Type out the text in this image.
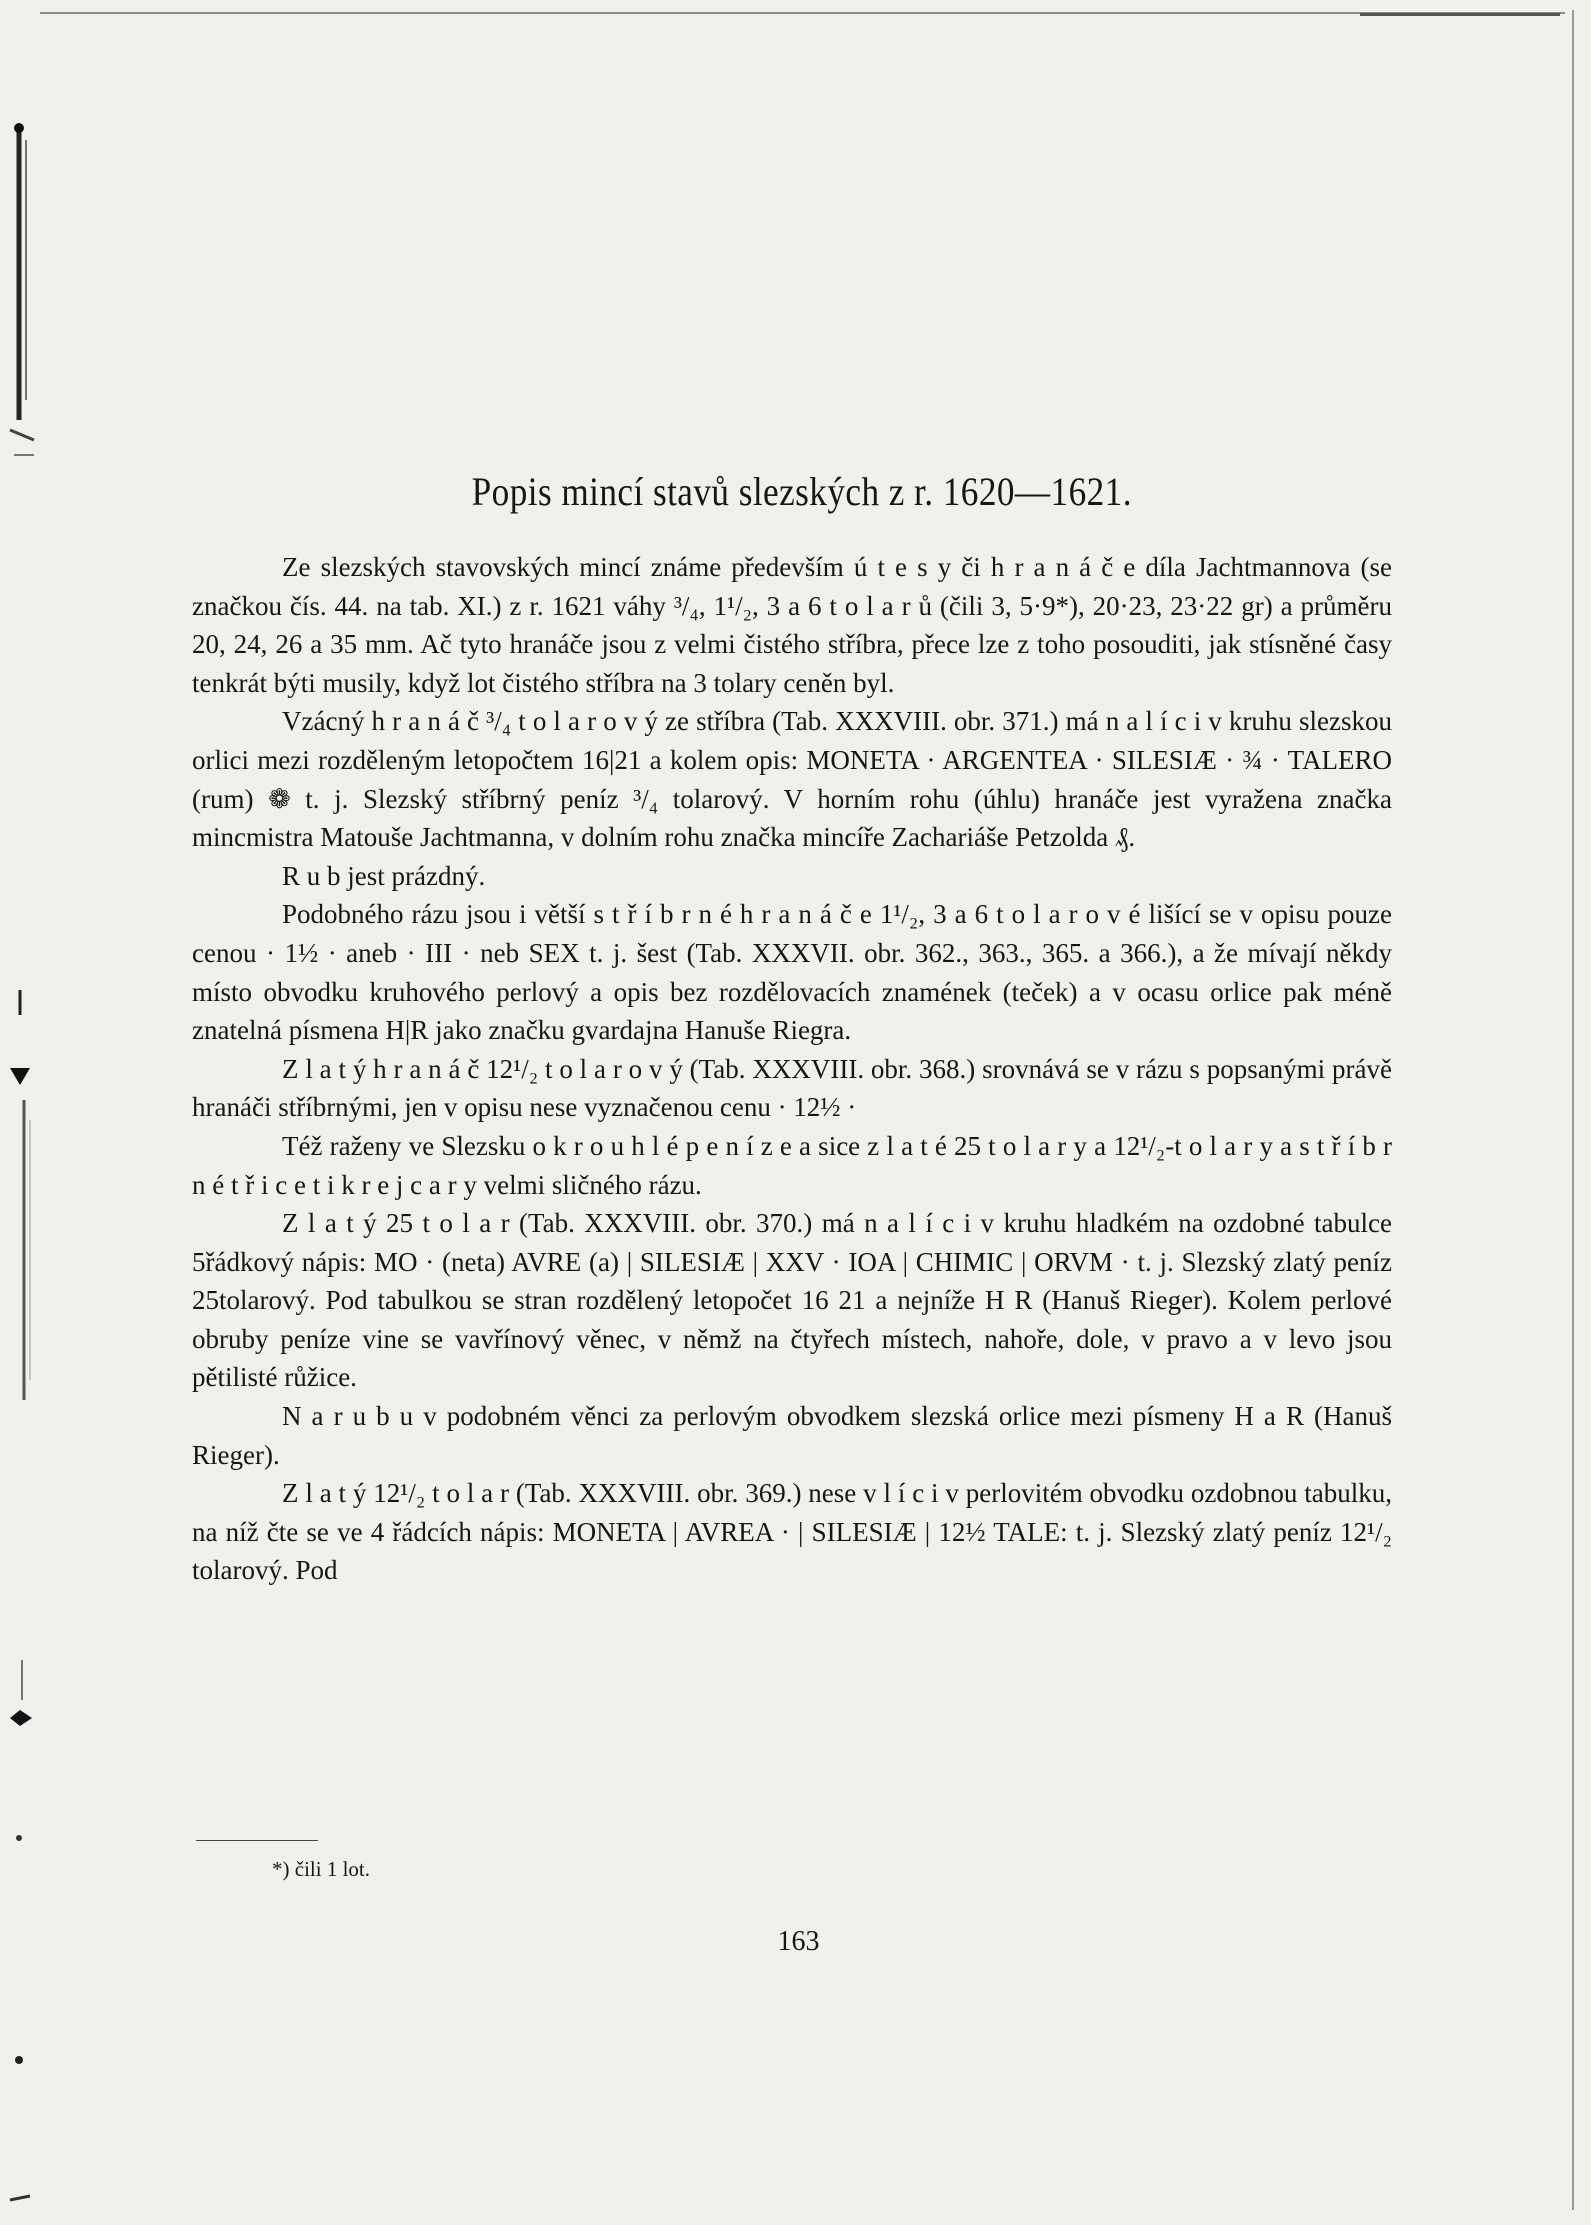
Popis mincí stavů slezských z r. 1620—1621.

Ze slezských stavovských mincí známe především ú t e s y či h r a n á č e díla Jachtmannova (se značkou čís. 44. na tab. XI.) z r. 1621 váhy ³/₄, 1¹/₂, 3 a 6 t o l a r ů (čili 3, 5·9*), 20·23, 23·22 gr) a průměru 20, 24, 26 a 35 mm. Ač tyto hranáče jsou z velmi čistého stříbra, přece lze z toho posouditi, jak stísněné časy tenkrát býti musily, když lot čistého stříbra na 3 tolary ceněn byl.

Vzácný h r a n á č ³/₄ t o l a r o v ý ze stříbra (Tab. XXXVIII. obr. 371.) má n a l í c i v kruhu slezskou orlici mezi rozděleným letopočtem 16|21 a kolem opis: MONETA · ARGENTEA · SILESIÆ · ¾ · TALERO (rum) ❁ t. j. Slezský stříbrný peníz ³/₄ tolarový. V horním rohu (úhlu) hranáče jest vyražena značka mincmistra Matouše Jachtmanna, v dolním rohu značka mincíře Zachariáše Petzolda ₰.

R u b jest prázdný.

Podobného rázu jsou i větší s t ř í b r n é h r a n á č e 1¹/₂, 3 a 6 t o l a r o v é lišící se v opisu pouze cenou · 1½ · aneb · III · neb SEX t. j. šest (Tab. XXXVII. obr. 362., 363., 365. a 366.), a že mívají někdy místo obvodku kruhového perlový a opis bez rozdělovacích znamének (teček) a v ocasu orlice pak méně znatelná písmena H|R jako značku gvardajna Hanuše Riegra.

Z l a t ý h r a n á č 12¹/₂ t o l a r o v ý (Tab. XXXVIII. obr. 368.) srovnává se v rázu s popsanými právě hranáči stříbrnými, jen v opisu nese vyznačenou cenu · 12½ ·

Též raženy ve Slezsku o k r o u h l é p e n í z e a sice z l a t é 25 t o l a r y a 12¹/₂-t o l a r y a s t ř í b r n é t ř i c e t i k r e j c a r y velmi sličného rázu.

Z l a t ý 25 t o l a r (Tab. XXXVIII. obr. 370.) má n a l í c i v kruhu hladkém na ozdobné tabulce 5řádkový nápis: MO · (neta) AVRE (a) | SILESIÆ | XXV · IOA | CHIMIC | ORVM · t. j. Slezský zlatý peníz 25tolarový. Pod tabulkou se stran rozdělený letopočet 16 21 a nejníže H R (Hanuš Rieger). Kolem perlové obruby peníze vine se vavřínový věnec, v němž na čtyřech místech, nahoře, dole, v pravo a v levo jsou pětilisté růžice.

N a r u b u v podobném věnci za perlovým obvodkem slezská orlice mezi písmeny H a R (Hanuš Rieger).

Z l a t ý 12¹/₂ t o l a r (Tab. XXXVIII. obr. 369.) nese v l í c i v perlovitém obvodku ozdobnou tabulku, na níž čte se ve 4 řádcích nápis: MONETA | AVREA · | SILESIÆ | 12½ TALE: t. j. Slezský zlatý peníz 12¹/₂ tolarový. Pod

*) čili 1 lot.
163
